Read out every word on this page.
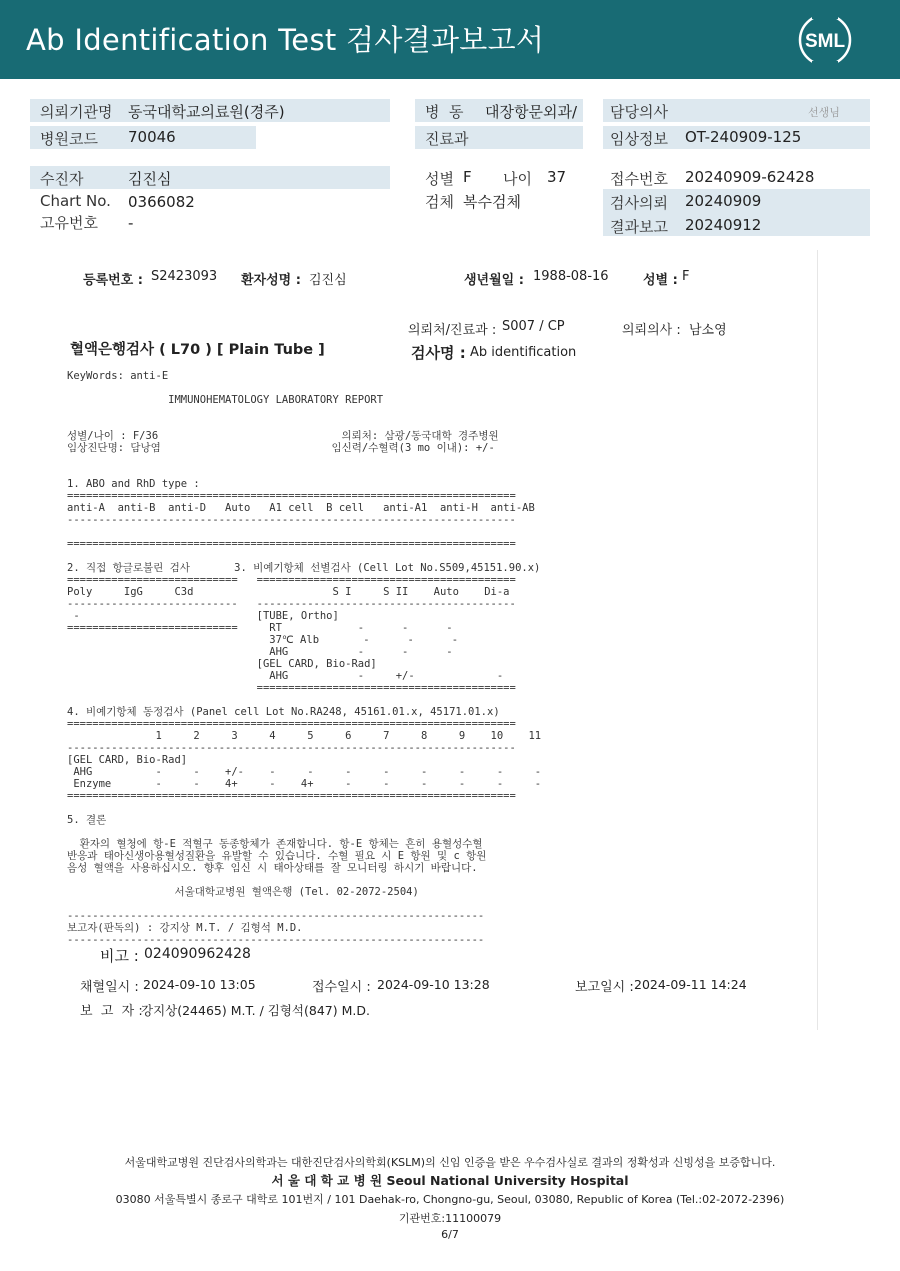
Ab Identification Test 검사결과보고서	SML
의뢰기관명 동국대학교의료원(경주)	병  동 대장항문외과/ 담당의사	선생님
병원코드 70046	진료과	임상정보 OT-240909-125
수진자	김진심	성별 F 나이 37	접수번호 20240909-62428
Chart No. 0366082	검체 복수검체	검사의뢰 20240909
고유번호 -	결과보고 20240912
등록번호 : S2423093 환자성명 : 김진심	생년월일 : 1988-08-16	성별 : F
의뢰처/진료과 : S007 / CP	의뢰의사 : 남소영
혈액은행검사 ( L70 ) [ Plain Tube ]	검사명 : Ab identification
KeyWords: anti-E

IMMUNOHEMATOLOGY LABORATORY REPORT

성별/나이 : F/36                             의뢰처: 삼광/동국대학 경주병원
임상진단명: 담낭염                           임신력/수혈력(3 mo 이내): +/-

1. ABO and RhD type :
=======================================================================
anti-A  anti-B  anti-D   Auto   A1 cell  B cell   anti-A1  anti-H  anti-AB
-----------------------------------------------------------------------

=======================================================================

2. 직접 항글로불린 검사       3. 비예기항체 선별검사 (Cell Lot No.S509,45151.90.x)
===========================   =========================================
Poly     IgG     C3d                      S I     S II    Auto    Di-a
---------------------------   -----------------------------------------
-                            [TUBE, Ortho]
===========================     RT            -      -      -
37℃ Alb       -      -      -
AHG           -      -      -
[GEL CARD, Bio-Rad]
AHG           -     +/-             -
=========================================

4. 비예기항체 동정검사 (Panel cell Lot No.RA248, 45161.01.x, 45171.01.x)
=======================================================================
1     2     3     4     5     6     7     8     9    10    11
-----------------------------------------------------------------------
[GEL CARD, Bio-Rad]
AHG          -     -    +/-    -     -     -     -     -     -     -     -
Enzyme       -     -    4+     -    4+     -     -     -     -     -     -
=======================================================================

5. 결론

환자의 혈청에 항-E 적혈구 동종항체가 존재합니다. 항-E 항체는 흔히 용혈성수혈
반응과 태아신생아용혈성질환을 유발할 수 있습니다. 수혈 필요 시 E 항원 및 c 항원
음성 혈액을 사용하십시오. 향후 임신 시 태아상태를 잘 모니터링 하시기 바랍니다.

서울대학교병원 혈액은행 (Tel. 02-2072-2504)

------------------------------------------------------------------
보고자(판독의) : 강지상 M.T. / 김형석 M.D.
------------------------------------------------------------------
비고 : 024090962428
채혈일시 : 2024-09-10 13:05	접수일시 : 2024-09-10 13:28	보고일시 : 2024-09-11 14:24
보  고  자 :
강지상(24465) M.T. / 김형석(847) M.D.
서울대학교병원 진단검사의학과는 대한진단검사의학회(KSLM)의 신임 인증을 받은 우수검사실로 결과의 정확성과 신빙성을 보증합니다.
서 울 대 학 교 병 원 Seoul National University Hospital
03080 서울특별시 종로구 대학로 101번지 / 101 Daehak-ro, Chongno-gu, Seoul, 03080, Republic of Korea (Tel.:02-2072-2396)
기관번호:11100079
6/7
